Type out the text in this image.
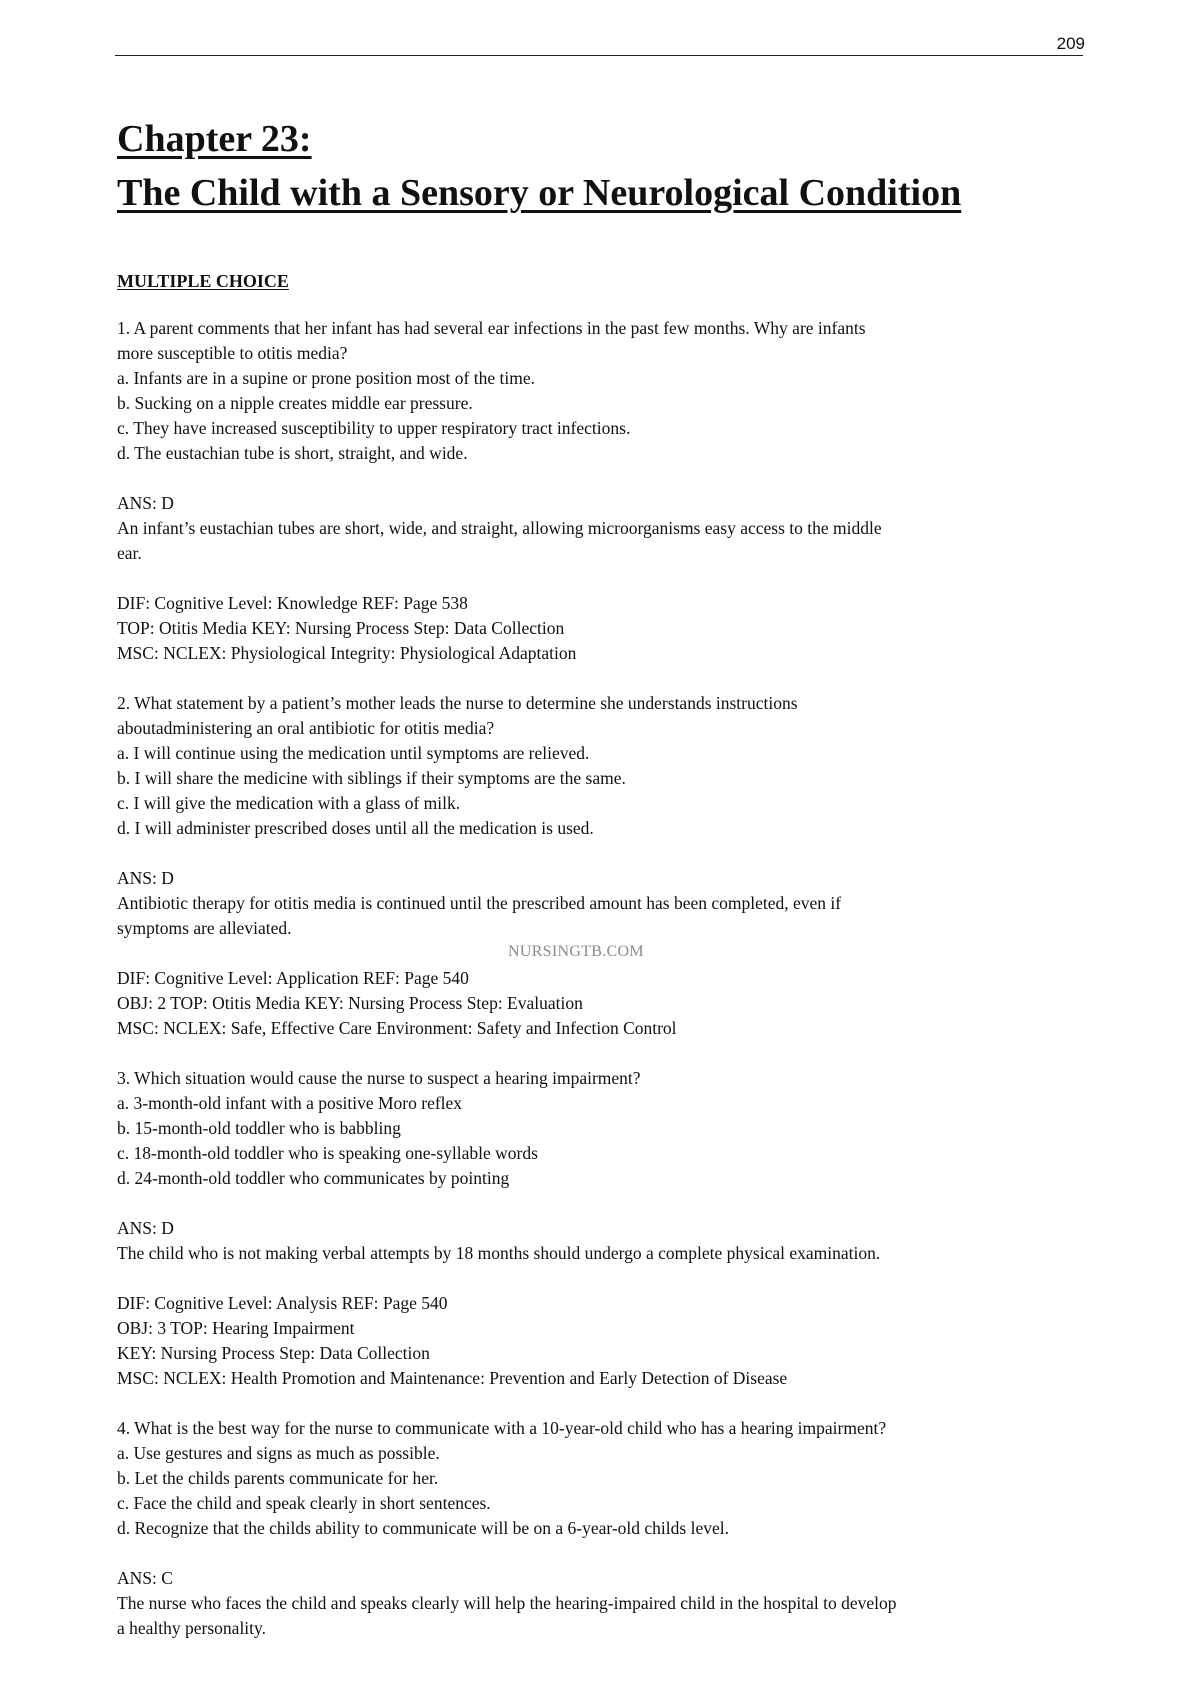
209
Chapter 23:
The Child with a Sensory or Neurological Condition
MULTIPLE CHOICE
1. A parent comments that her infant has had several ear infections in the past few months. Why are infants
more susceptible to otitis media?
a. Infants are in a supine or prone position most of the time.
b. Sucking on a nipple creates middle ear pressure.
c. They have increased susceptibility to upper respiratory tract infections.
d. The eustachian tube is short, straight, and wide.
ANS: D
An infant’s eustachian tubes are short, wide, and straight, allowing microorganisms easy access to the middle
ear.
DIF: Cognitive Level: Knowledge REF: Page 538
TOP: Otitis Media KEY: Nursing Process Step: Data Collection
MSC: NCLEX: Physiological Integrity: Physiological Adaptation
2. What statement by a patient’s mother leads the nurse to determine she understands instructions
aboutadministering an oral antibiotic for otitis media?
a. I will continue using the medication until symptoms are relieved.
b. I will share the medicine with siblings if their symptoms are the same.
c. I will give the medication with a glass of milk.
d. I will administer prescribed doses until all the medication is used.
ANS: D
Antibiotic therapy for otitis media is continued until the prescribed amount has been completed, even if
symptoms are alleviated.
DIF: Cognitive Level: Application REF: Page 540
OBJ: 2 TOP: Otitis Media KEY: Nursing Process Step: Evaluation
MSC: NCLEX: Safe, Effective Care Environment: Safety and Infection Control
3. Which situation would cause the nurse to suspect a hearing impairment?
a. 3-month-old infant with a positive Moro reflex
b. 15-month-old toddler who is babbling
c. 18-month-old toddler who is speaking one-syllable words
d. 24-month-old toddler who communicates by pointing
ANS: D
The child who is not making verbal attempts by 18 months should undergo a complete physical examination.
DIF: Cognitive Level: Analysis REF: Page 540
OBJ: 3 TOP: Hearing Impairment
KEY: Nursing Process Step: Data Collection
MSC: NCLEX: Health Promotion and Maintenance: Prevention and Early Detection of Disease
4. What is the best way for the nurse to communicate with a 10-year-old child who has a hearing impairment?
a. Use gestures and signs as much as possible.
b. Let the childs parents communicate for her.
c. Face the child and speak clearly in short sentences.
d. Recognize that the childs ability to communicate will be on a 6-year-old childs level.
ANS: C
The nurse who faces the child and speaks clearly will help the hearing-impaired child in the hospital to develop
a healthy personality.
NURSINGTB.COM
